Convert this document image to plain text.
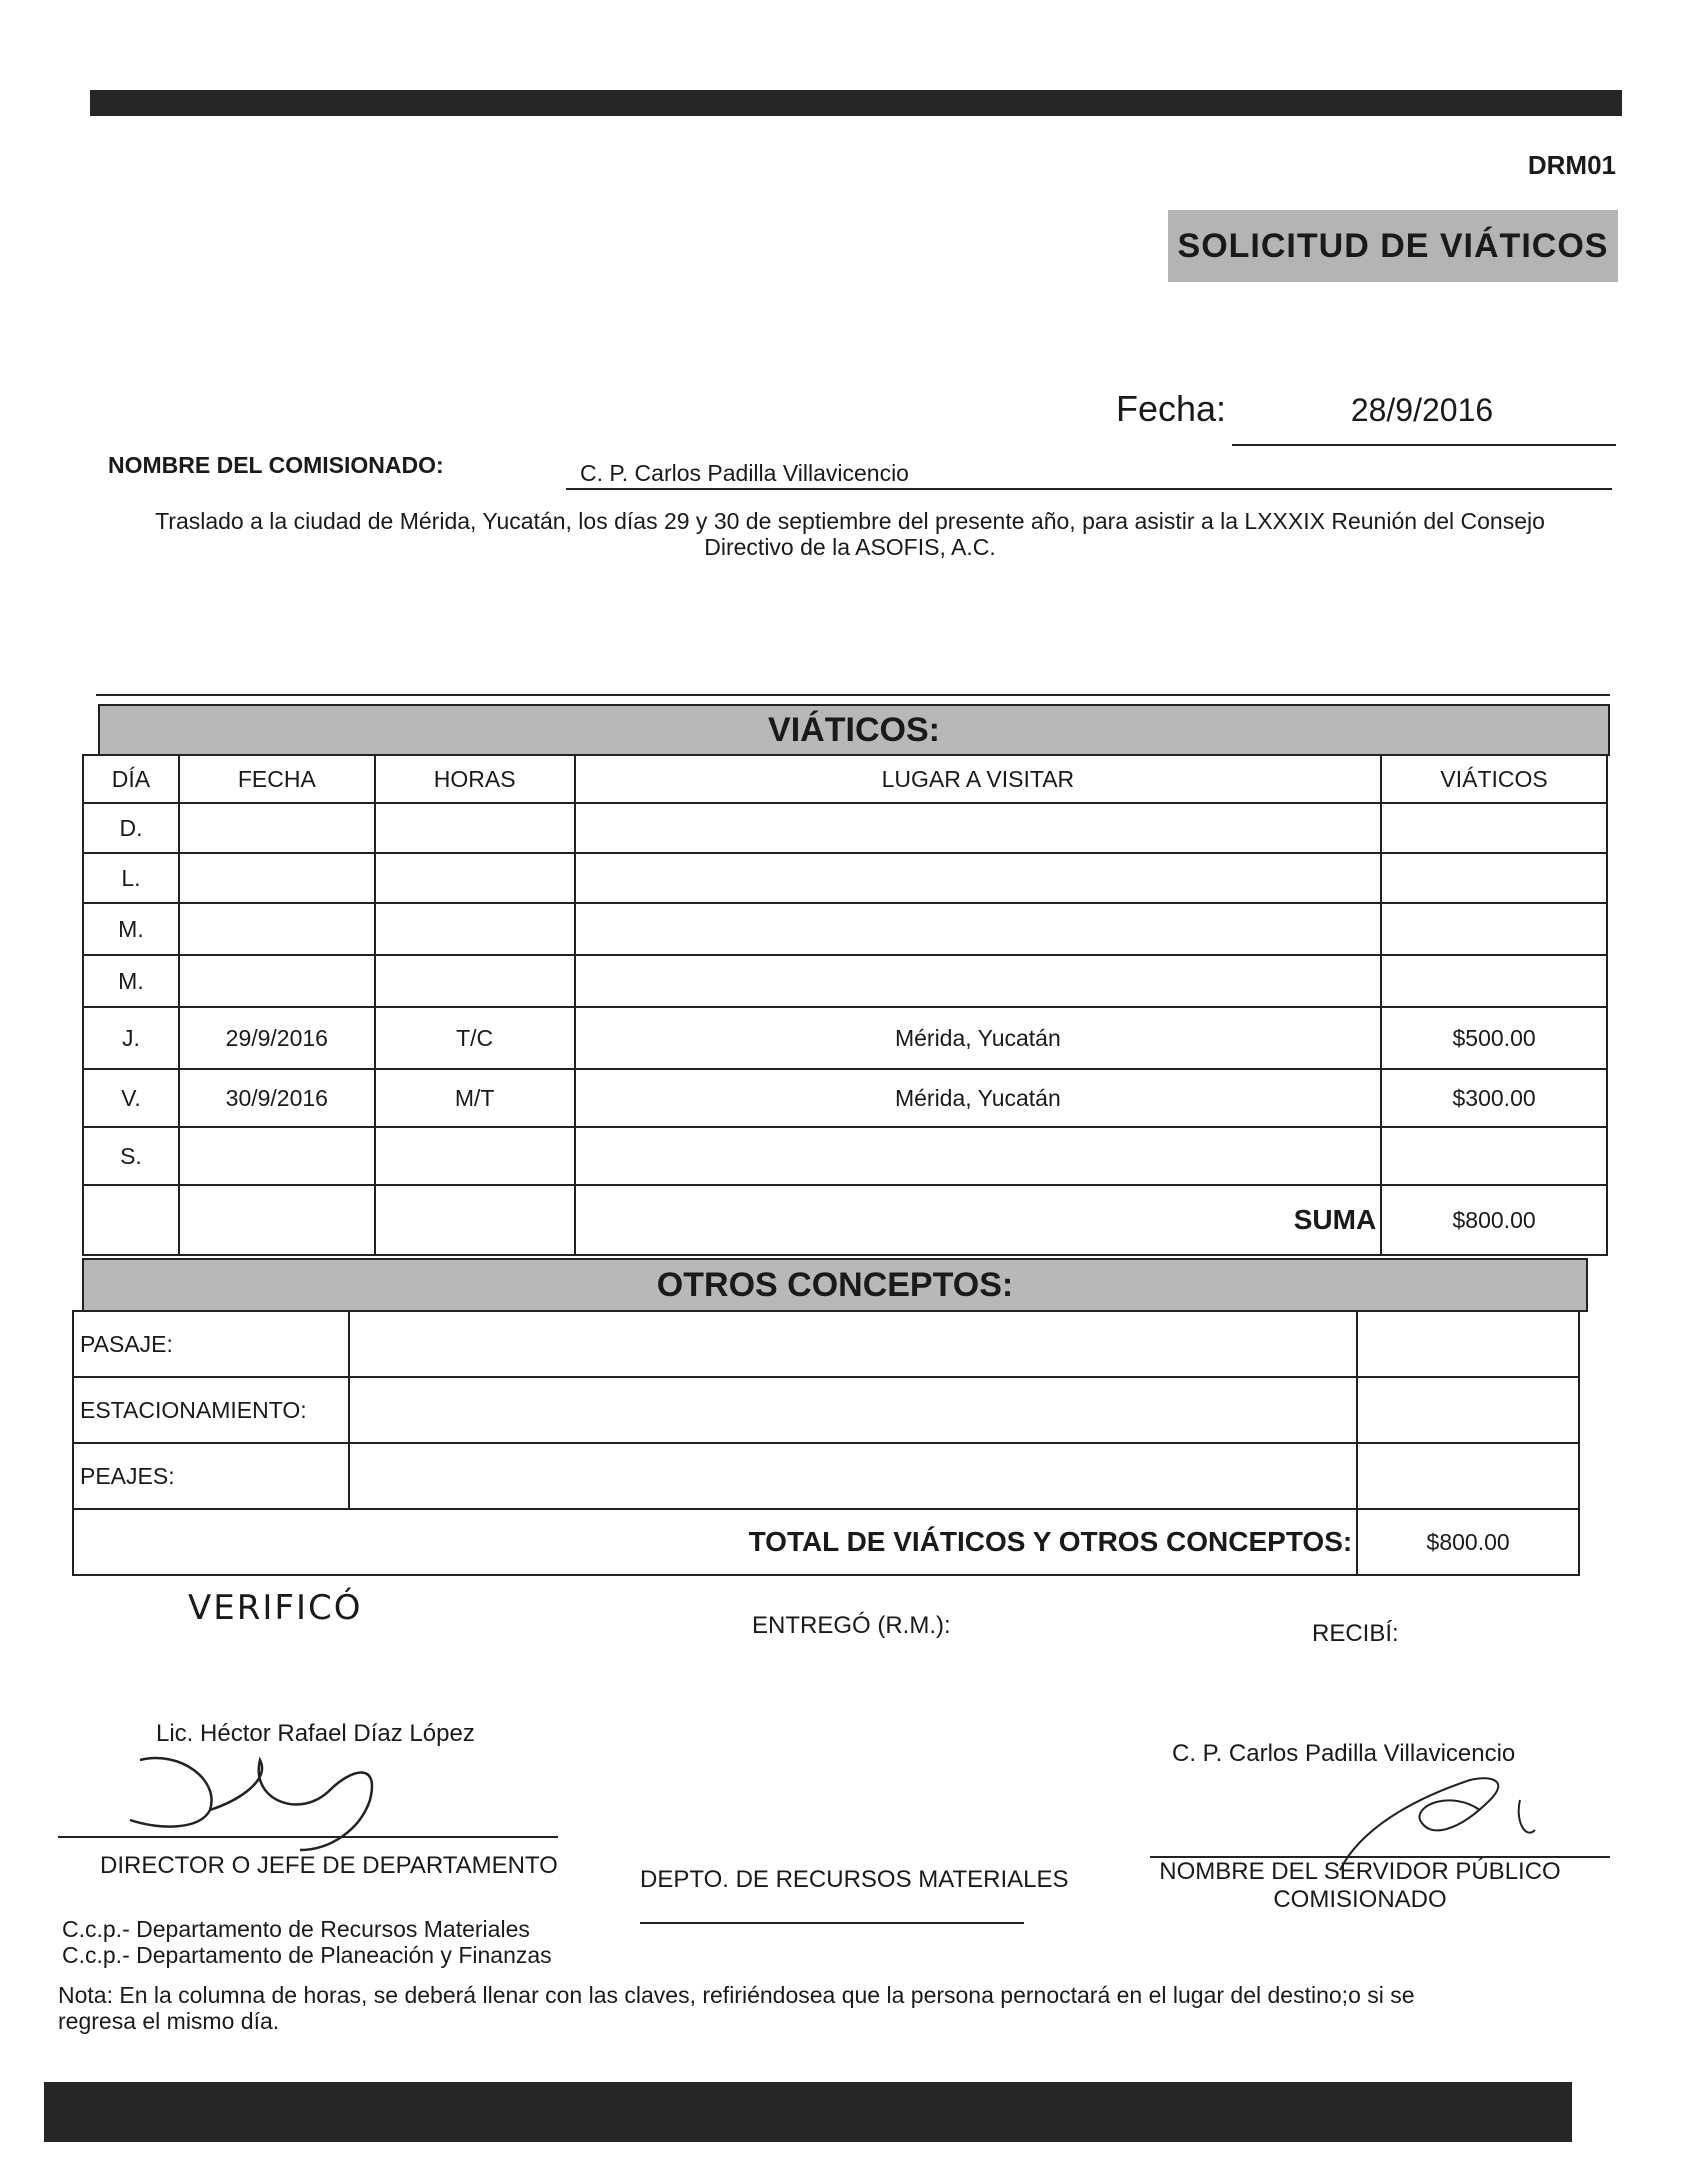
DRM01
SOLICITUD DE VIÁTICOS
Fecha:	28/9/2016
NOMBRE DEL COMISIONADO:	C. P. Carlos Padilla Villavicencio
Traslado a la ciudad de Mérida, Yucatán, los días 29 y 30 de septiembre del presente año, para asistir a la LXXXIX Reunión del Consejo
Directivo de la ASOFIS, A.C.
VIÁTICOS:
DÍA	FECHA	HORAS	LUGAR A VISITAR	VIÁTICOS
D.				
L.				
M.				
M.				
J.	29/9/2016	T/C	Mérida, Yucatán	$500.00
V.	30/9/2016	M/T	Mérida, Yucatán	$300.00
S.				
			SUMA	$800.00
OTROS CONCEPTOS:
PASAJE:		
ESTACIONAMIENTO:		
PEAJES:		
TOTAL DE VIÁTICOS Y OTROS CONCEPTOS:		$800.00
VERIFICÓ	ENTREGÓ (R.M.):	RECIBÍ:
Lic. Héctor Rafael Díaz López
C. P. Carlos Padilla Villavicencio
DIRECTOR O JEFE DE DEPARTAMENTO
DEPTO. DE RECURSOS MATERIALES	NOMBRE DEL SERVIDOR PÚBLICO
COMISIONADO
C.c.p.- Departamento de Recursos Materiales
C.c.p.- Departamento de Planeación y Finanzas
Nota: En la columna de horas, se deberá llenar con las claves, refiriéndosea que la persona pernoctará en el lugar del destino;o si se
regresa el mismo día.
